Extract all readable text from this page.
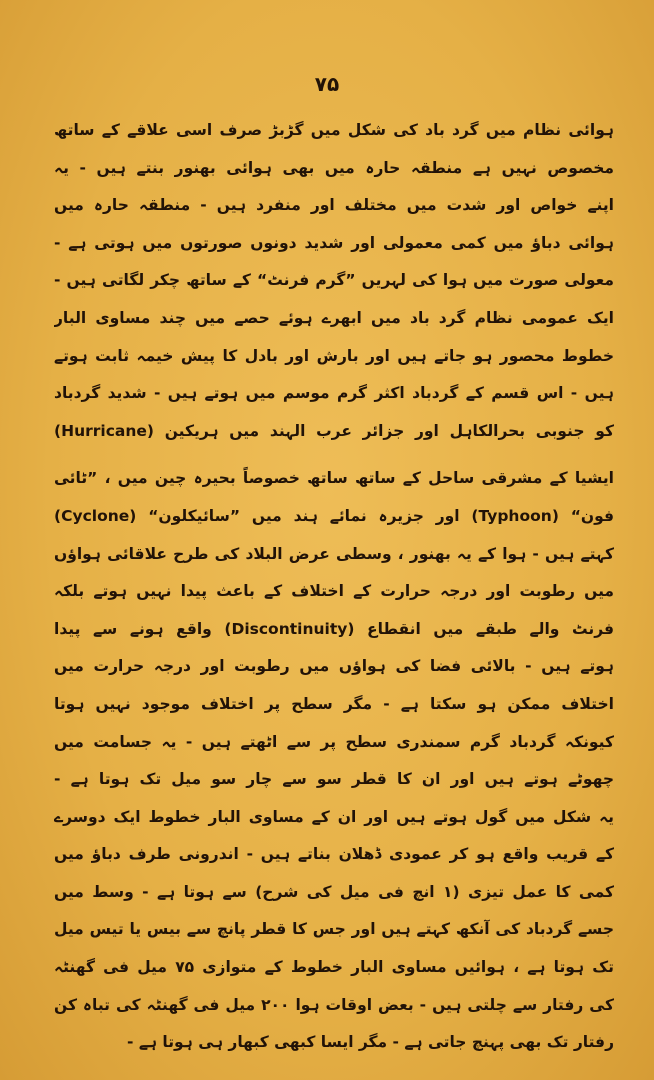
۷۵
ہوائی نظام میں گرد باد کی شکل میں گڑبڑ صرف اسی علاقے کے ساتھ
مخصوص نہیں ہے منطقہ حارہ میں بھی ہوائی بھنور بنتے ہیں - یہ
اپنے خواص اور شدت میں مختلف اور منفرد ہیں - منطقہ حارہ میں
ہوائی دباؤ میں کمی معمولی اور شدید دونوں صورتوں میں ہوتی ہے -
معولی صورت میں ہوا کی لہریں ”گرم فرنٹ“ کے ساتھ چکر لگاتی ہیں -
ایک عمومی نظام گرد باد میں ابھرے ہوئے حصے میں چند مساوی البار
خطوط محصور ہو جاتے ہیں اور بارش اور بادل کا پیش خیمہ ثابت ہوتے
ہیں - اس قسم کے گردباد اکثر گرم موسم میں ہوتے ہیں - شدید گردباد
کو جنوبی بحرالکاہل اور جزائر عرب الہند میں ہریکین (Hurricane)
ایشیا کے مشرقی ساحل کے ساتھ ساتھ خصوصاً بحیرہ چین میں ، ”ٹائی
فون“ (Typhoon) اور جزیرہ نمائے ہند میں ”سائیکلون“ (Cyclone)
کہتے ہیں - ہوا کے یہ بھنور ، وسطی عرض البلاد کی طرح علاقائی ہواؤں
میں رطوبت اور درجہ حرارت کے اختلاف کے باعث پیدا نہیں ہوتے بلکہ
فرنٹ والے طبقے میں انقطاع (Discontinuity) واقع ہونے سے پیدا
ہوتے ہیں - بالائی فضا کی ہواؤں میں رطوبت اور درجہ حرارت میں
اختلاف ممکن ہو سکتا ہے - مگر سطح پر اختلاف موجود نہیں ہوتا
کیونکہ گردباد گرم سمندری سطح پر سے اٹھتے ہیں - یہ جسامت میں
چھوٹے ہوتے ہیں اور ان کا قطر سو سے چار سو میل تک ہوتا ہے -
یہ شکل میں گول ہوتے ہیں اور ان کے مساوی البار خطوط ایک دوسرے
کے قریب واقع ہو کر عمودی ڈھلان بناتے ہیں - اندرونی طرف دباؤ میں
کمی کا عمل تیزی (۱ انچ فی میل کی شرح) سے ہوتا ہے - وسط میں
جسے گردباد کی آنکھ کہتے ہیں اور جس کا قطر پانچ سے بیس یا تیس میل
تک ہوتا ہے ، ہوائیں مساوی البار خطوط کے متوازی ۷۵ میل فی گھنٹہ
کی رفتار سے چلتی ہیں - بعض اوقات ہوا ۲۰۰ میل فی گھنٹہ کی تباہ کن
رفتار تک بھی پہنچ جاتی ہے - مگر ایسا کبھی کبھار ہی ہوتا ہے -
